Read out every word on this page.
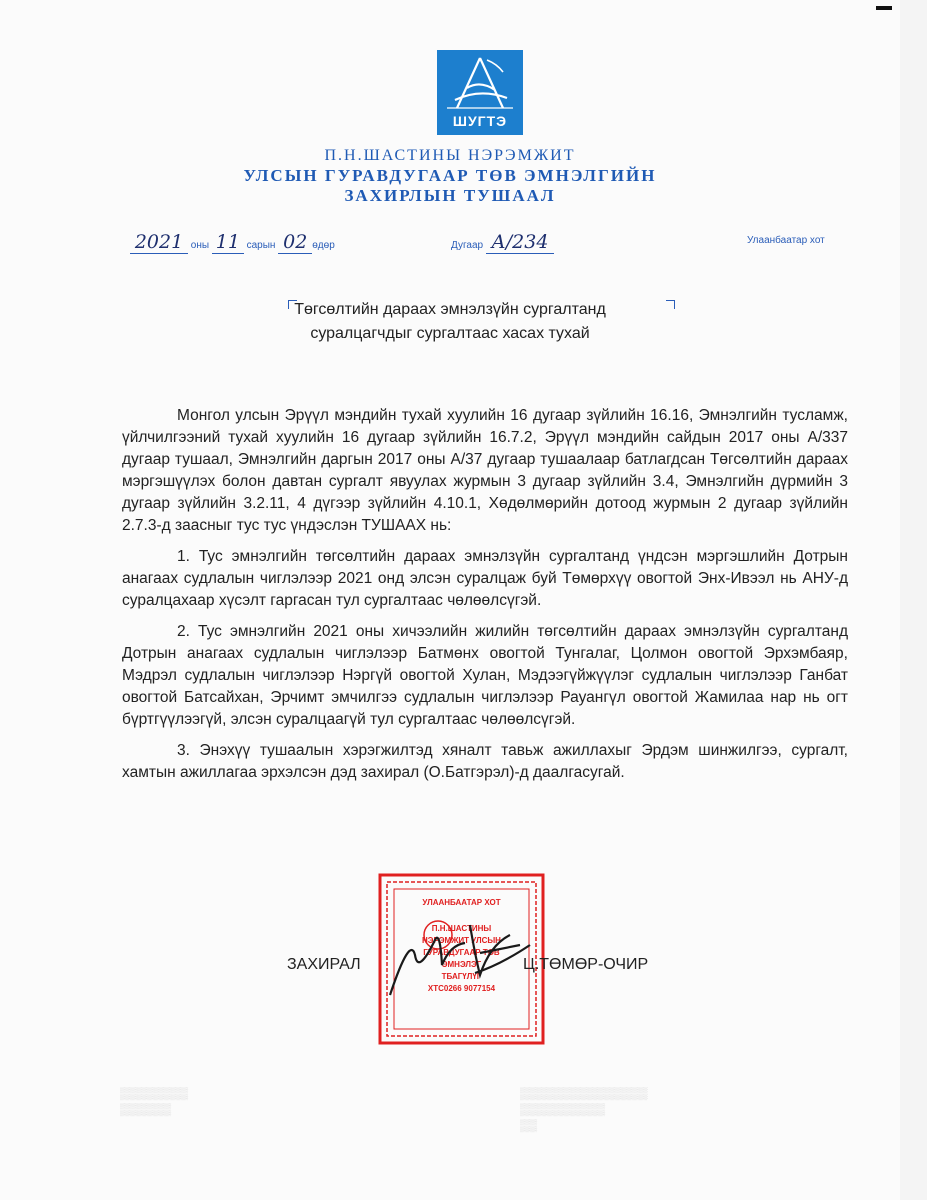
ШУГТЭ
П.Н.ШАСТИНЫ НЭРЭМЖИТ
УЛСЫН ГУРАВДУГААР ТӨВ ЭМНЭЛГИЙН
ЗАХИРЛЫН ТУШААЛ
2021 оны 11 сарын 02 өдөр	Дугаар А/234	Улаанбаатар хот
Төгсөлтийн дараах эмнэлзүйн сургалтанд
суралцагчдыг сургалтаас хасах тухай

Монгол улсын Эрүүл мэндийн тухай хуулийн 16 дугаар зүйлийн 16.16, Эмнэлгийн тусламж, үйлчилгээний тухай хуулийн 16 дугаар зүйлийн 16.7.2, Эрүүл мэндийн сайдын 2017 оны А/337 дугаар тушаал, Эмнэлгийн даргын 2017 оны А/37 дугаар тушаалаар батлагдсан Төгсөлтийн дараах мэргэшүүлэх болон давтан сургалт явуулах журмын 3 дугаар зүйлийн 3.4, Эмнэлгийн дүрмийн 3 дугаар зүйлийн 3.2.11, 4 дүгээр зүйлийн 4.10.1, Хөдөлмөрийн дотоод журмын 2 дугаар зүйлийн 2.7.3-д заасныг тус тус үндэслэн ТУШААХ нь:

1. Тус эмнэлгийн төгсөлтийн дараах эмнэлзүйн сургалтанд үндсэн мэргэшлийн Дотрын анагаах судлалын чиглэлээр 2021 онд элсэн суралцаж буй Төмөрхүү овогтой Энх-Ивээл нь АНУ-д суралцахаар хүсэлт гаргасан тул сургалтаас чөлөөлсүгэй.

2. Тус эмнэлгийн 2021 оны хичээлийн жилийн төгсөлтийн дараах эмнэлзүйн сургалтанд Дотрын анагаах судлалын чиглэлээр Батмөнх овогтой Тунгалаг, Цолмон овогтой Эрхэмбаяр, Мэдрэл судлалын чиглэлээр Нэргүй овогтой Хулан, Мэдээгүйжүүлэг судлалын чиглэлээр Ганбат овогтой Батсайхан, Эрчимт эмчилгээ судлалын чиглэлээр Рауангүл овогтой Жамилаа нар нь огт бүртгүүлээгүй, элсэн суралцаагүй тул сургалтаас чөлөөлсүгэй.

3. Энэхүү тушаалын хэрэгжилтэд хяналт тавьж ажиллахыг Эрдэм шинжилгээ, сургалт, хамтын ажиллагаа эрхэлсэн дэд захирал (О.Батгэрэл)-д даалгасугай.

УЛААНБААТАР ХОТ
П.Н.ШАСТИНЫ
НЭРЭМЖИТ УЛСЫН
ГУРАВДУГААР ТӨВ
ЭМНЭЛЭГ
ТБАГҮЛҮГ
ХТС0266 9077154
ЗАХИРАЛ	Ц.ТӨМӨР-ОЧИР
▒▒▒▒▒▒▒▒
▒▒▒▒▒▒
▒▒▒▒▒▒▒▒▒▒▒▒▒▒▒
▒▒▒▒▒▒▒▒▒▒
▒▒
